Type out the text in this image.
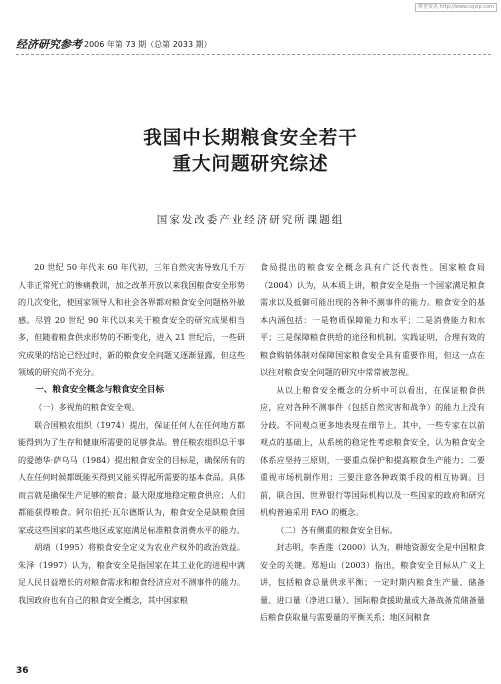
维普资讯 http://www.cqvip.com
经济研究参考 2006 年第 73 期（总第 2033 期）
我国中长期粮食安全若干
重大问题研究综述
国家发改委产业经济研究所课题组

20 世纪 50 年代末 60 年代初，三年自然灾害导致几千万人非正常死亡的惨痛教训，加之改革开放以来我国粮食安全形势的几次变化，使国家领导人和社会各界都对粮食安全问题格外敏感。尽管 20 世纪 90 年代以来关于粮食安全的研究成果相当多，但随着粮食供求形势的不断变化，进入 21 世纪后，一些研究成果的结论已经过时，新的粮食安全问题又逐渐显露，但这些领域的研究尚不充分。

一、粮食安全概念与粮食安全目标

（一）多视角的粮食安全观。

联合国粮农组织（1974）提出，保证任何人在任何地方都能得到为了生存和健康所需要的足够食品。曾任粮农组织总干事的爱德华·萨乌马（1984）提出粮食安全的目标是，确保所有的人在任何时候都既能买得到又能买得起所需要的基本食品。具体而言就是确保生产足够的粮食；最大限度地稳定粮食供应；人们都能获得粮食。阿尔伯托·瓦尔德斯认为，粮食安全是缺粮食国家或这些国家的某些地区或家庭满足标准粮食消费水平的能力。

胡靖（1995）将粮食安全定义为农业产权外的政治效益。朱泽（1997）认为，粮食安全是指国家在其工业化的进程中满足人民日益增长的对粮食需求和粮食经济应对不测事件的能力。我国政府也有自己的粮食安全概念，其中国家粮

食局提出的粮食安全概念具有广泛代表性。国家粮食局（2004）认为，从本质上讲，粮食安全是指一个国家满足粮食需求以及抵御可能出现的各种不测事件的能力。粮食安全的基本内涵包括：一是物质保障能力和水平；二是消费能力和水平；三是保障粮食供给的途径和机制。实践证明，合理有效的粮食购销体制对保障国家粮食安全具有重要作用，但这一点在以往对粮食安全问题的研究中常常被忽视。

从以上粮食安全概念的分析中可以看出，在保证粮食供应，应对各种不测事件（包括自然灾害和战争）的能力上没有分歧。不同观点更多地表现在细节上。其中，一些专家在以前观点的基础上，从系统的稳定性考虑粮食安全，认为粮食安全体系应坚持三原则，一要重点保护和提高粮食生产能力；二要重视市场机制作用；三要注意各种政策手段的相互协调。目前，联合国、世界银行等国际机构以及一些国家的政府和研究机构普遍采用 FAO 的概念。

（二）各有侧重的粮食安全目标。

封志明，李香莲（2000）认为，耕地资源安全是中国粮食安全的关键。郑旭山（2003）指出，粮食安全目标从广义上讲，包括粮食总量供求平衡；一定时期内粮食生产量、储备量、进口量（净进口量）、国际粮食援助量或大备战备荒储备量后粮食获取量与需要量的平衡关系；地区间粮食

36
